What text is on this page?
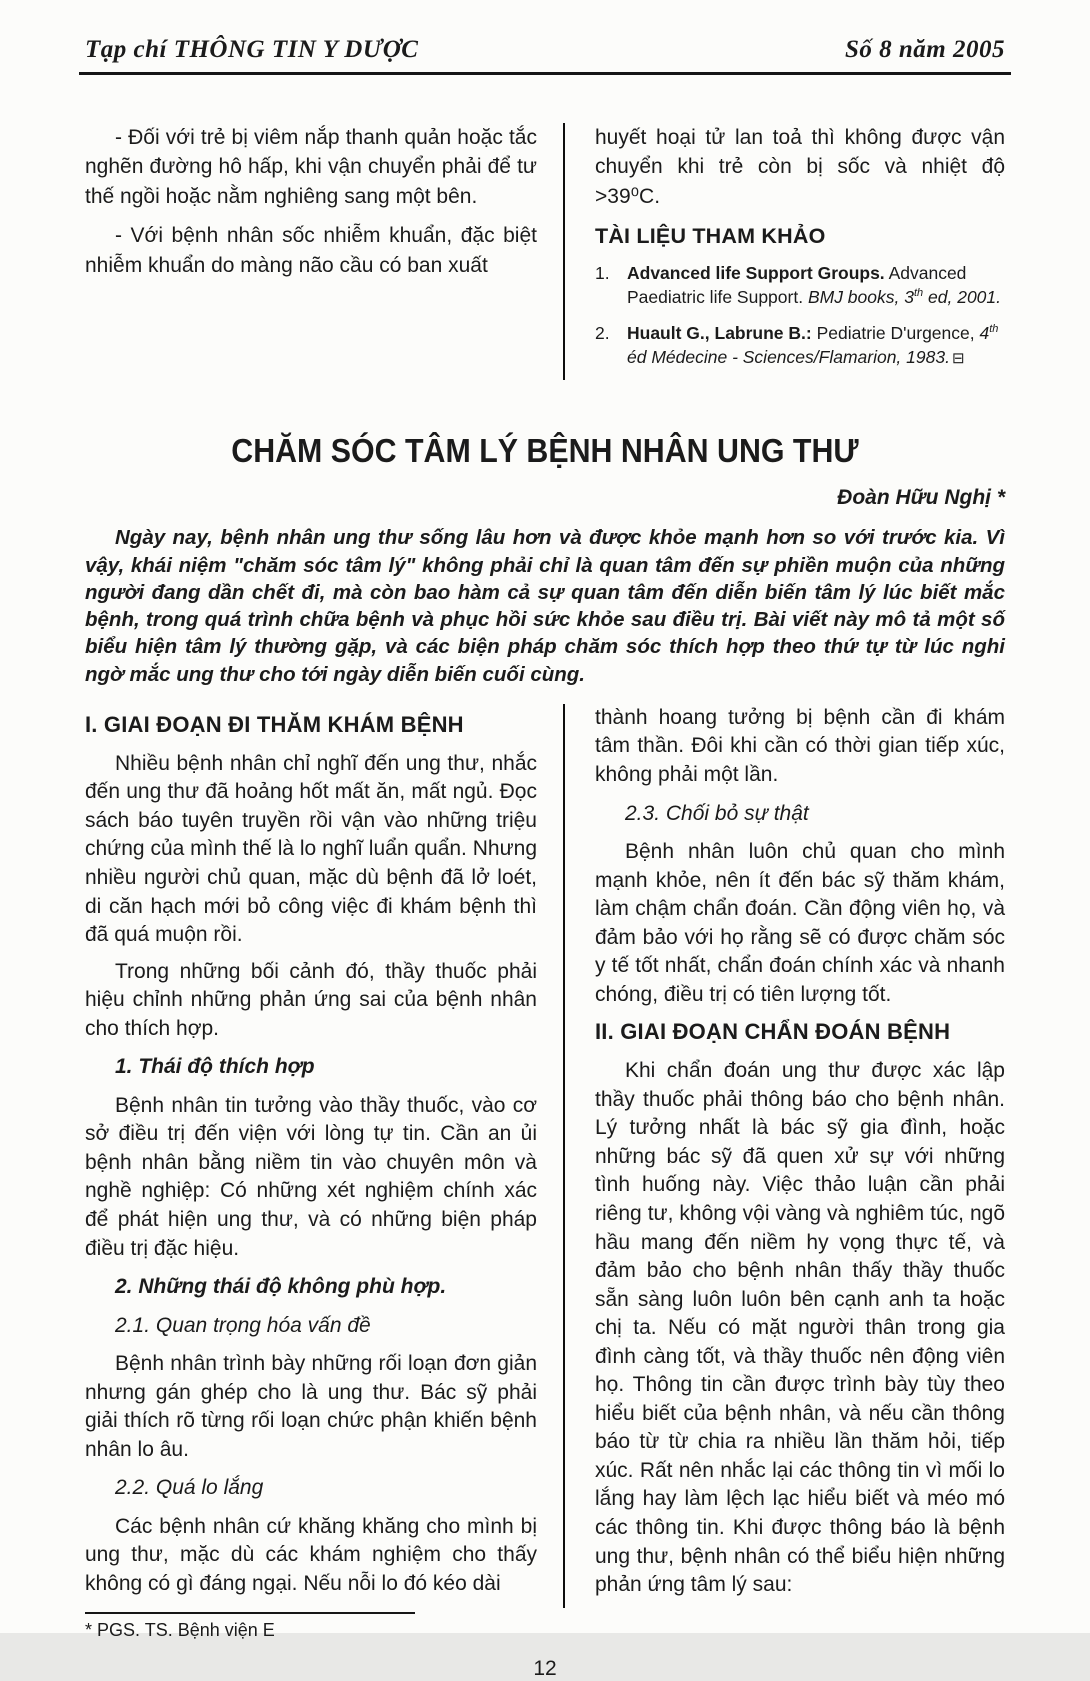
Tạp chí THÔNG TIN Y DƯỢC	Số 8 năm 2005
- Đối với trẻ bị viêm nắp thanh quản hoặc tắc nghẽn đường hô hấp, khi vận chuyển phải để tư thế ngồi hoặc nằm nghiêng sang một bên.
- Với bệnh nhân sốc nhiễm khuẩn, đặc biệt nhiễm khuẩn do màng não cầu có ban xuất
huyết hoại tử lan toả thì không được vận chuyển khi trẻ còn bị sốc và nhiệt độ >39⁰C.
TÀI LIỆU THAM KHẢO
1. Advanced life Support Groups. Advanced Paediatric life Support. BMJ books, 3th ed, 2001.
2. Huault G., Labrune B.: Pediatrie D'urgence, 4th éd Médecine - Sciences/Flamarion, 1983. ⊟
CHĂM SÓC TÂM LÝ BỆNH NHÂN UNG THƯ
Đoàn Hữu Nghị *
Ngày nay, bệnh nhân ung thư sống lâu hơn và được khỏe mạnh hơn so với trước kia. Vì vậy, khái niệm "chăm sóc tâm lý" không phải chỉ là quan tâm đến sự phiền muộn của những người đang dần chết đi, mà còn bao hàm cả sự quan tâm đến diễn biến tâm lý lúc biết mắc bệnh, trong quá trình chữa bệnh và phục hồi sức khỏe sau điều trị. Bài viết này mô tả một số biểu hiện tâm lý thường gặp, và các biện pháp chăm sóc thích hợp theo thứ tự từ lúc nghi ngờ mắc ung thư cho tới ngày diễn biến cuối cùng.
I. GIAI ĐOẠN ĐI THĂM KHÁM BỆNH
Nhiều bệnh nhân chỉ nghĩ đến ung thư, nhắc đến ung thư đã hoảng hốt mất ăn, mất ngủ. Đọc sách báo tuyên truyền rồi vận vào những triệu chứng của mình thế là lo nghĩ luẩn quẩn. Nhưng nhiều người chủ quan, mặc dù bệnh đã lở loét, di căn hạch mới bỏ công việc đi khám bệnh thì đã quá muộn rồi.
Trong những bối cảnh đó, thầy thuốc phải hiệu chỉnh những phản ứng sai của bệnh nhân cho thích hợp.
1. Thái độ thích hợp
Bệnh nhân tin tưởng vào thầy thuốc, vào cơ sở điều trị đến viện với lòng tự tin. Cần an ủi bệnh nhân bằng niềm tin vào chuyên môn và nghề nghiệp: Có những xét nghiệm chính xác để phát hiện ung thư, và có những biện pháp điều trị đặc hiệu.
2. Những thái độ không phù hợp.
2.1. Quan trọng hóa vấn đề
Bệnh nhân trình bày những rối loạn đơn giản nhưng gán ghép cho là ung thư. Bác sỹ phải giải thích rõ từng rối loạn chức phận khiến bệnh nhân lo âu.
2.2. Quá lo lắng
Các bệnh nhân cứ khăng khăng cho mình bị ung thư, mặc dù các khám nghiệm cho thấy không có gì đáng ngại. Nếu nỗi lo đó kéo dài
thành hoang tưởng bị bệnh cần đi khám tâm thần. Đôi khi cần có thời gian tiếp xúc, không phải một lần.
2.3. Chối bỏ sự thật
Bệnh nhân luôn chủ quan cho mình mạnh khỏe, nên ít đến bác sỹ thăm khám, làm chậm chẩn đoán. Cần động viên họ, và đảm bảo với họ rằng sẽ có được chăm sóc y tế tốt nhất, chẩn đoán chính xác và nhanh chóng, điều trị có tiên lượng tốt.
II. GIAI ĐOẠN CHẨN ĐOÁN BỆNH
Khi chẩn đoán ung thư được xác lập thầy thuốc phải thông báo cho bệnh nhân. Lý tưởng nhất là bác sỹ gia đình, hoặc những bác sỹ đã quen xử sự với những tình huống này. Việc thảo luận cần phải riêng tư, không vội vàng và nghiêm túc, ngõ hầu mang đến niềm hy vọng thực tế, và đảm bảo cho bệnh nhân thấy thầy thuốc sẵn sàng luôn luôn bên cạnh anh ta hoặc chị ta. Nếu có mặt người thân trong gia đình càng tốt, và thầy thuốc nên động viên họ. Thông tin cần được trình bày tùy theo hiểu biết của bệnh nhân, và nếu cần thông báo từ từ chia ra nhiều lần thăm hỏi, tiếp xúc. Rất nên nhắc lại các thông tin vì mối lo lắng hay làm lệch lạc hiểu biết và méo mó các thông tin. Khi được thông báo là bệnh ung thư, bệnh nhân có thể biểu hiện những phản ứng tâm lý sau:
* PGS. TS. Bệnh viện E
12
